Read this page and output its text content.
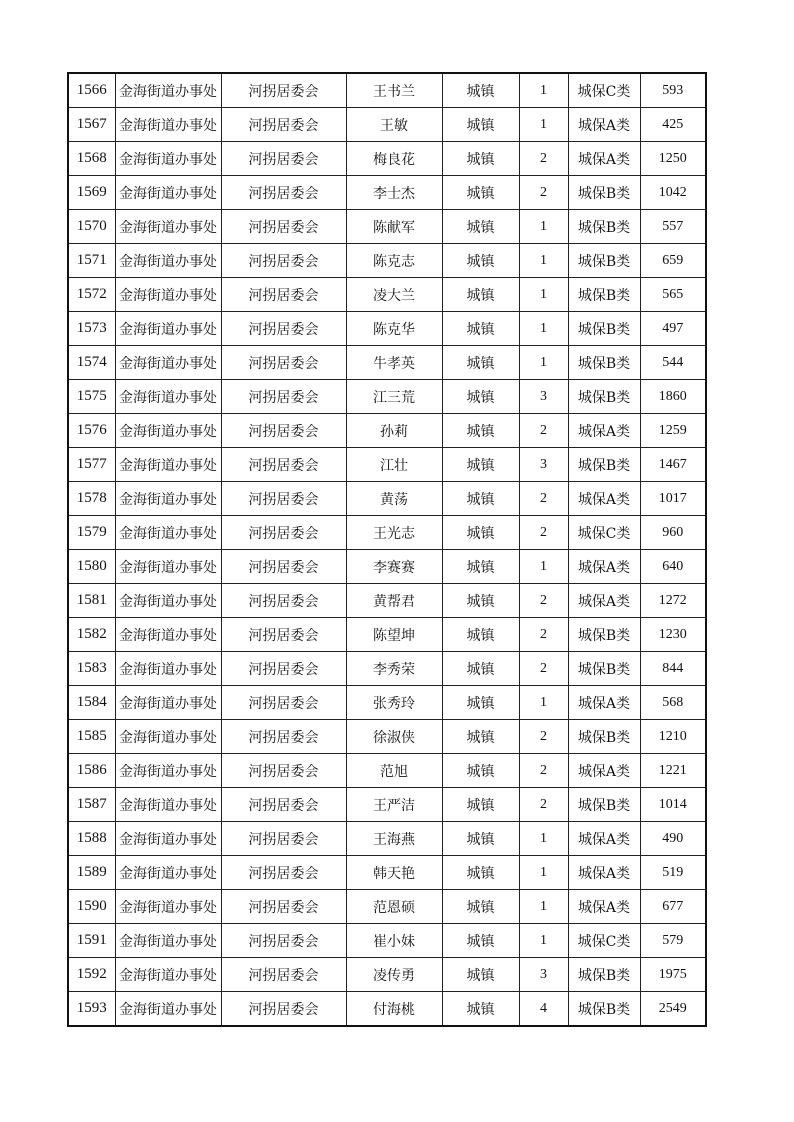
1566	金海街道办事处	河拐居委会	王书兰	城镇	1	城保C类	593
1567	金海街道办事处	河拐居委会	王敏	城镇	1	城保A类	425
1568	金海街道办事处	河拐居委会	梅良花	城镇	2	城保A类	1250
1569	金海街道办事处	河拐居委会	李士杰	城镇	2	城保B类	1042
1570	金海街道办事处	河拐居委会	陈献军	城镇	1	城保B类	557
1571	金海街道办事处	河拐居委会	陈克志	城镇	1	城保B类	659
1572	金海街道办事处	河拐居委会	凌大兰	城镇	1	城保B类	565
1573	金海街道办事处	河拐居委会	陈克华	城镇	1	城保B类	497
1574	金海街道办事处	河拐居委会	牛孝英	城镇	1	城保B类	544
1575	金海街道办事处	河拐居委会	江三荒	城镇	3	城保B类	1860
1576	金海街道办事处	河拐居委会	孙莉	城镇	2	城保A类	1259
1577	金海街道办事处	河拐居委会	江壮	城镇	3	城保B类	1467
1578	金海街道办事处	河拐居委会	黄荡	城镇	2	城保A类	1017
1579	金海街道办事处	河拐居委会	王光志	城镇	2	城保C类	960
1580	金海街道办事处	河拐居委会	李赛赛	城镇	1	城保A类	640
1581	金海街道办事处	河拐居委会	黄帮君	城镇	2	城保A类	1272
1582	金海街道办事处	河拐居委会	陈望坤	城镇	2	城保B类	1230
1583	金海街道办事处	河拐居委会	李秀荣	城镇	2	城保B类	844
1584	金海街道办事处	河拐居委会	张秀玲	城镇	1	城保A类	568
1585	金海街道办事处	河拐居委会	徐淑侠	城镇	2	城保B类	1210
1586	金海街道办事处	河拐居委会	范旭	城镇	2	城保A类	1221
1587	金海街道办事处	河拐居委会	王严洁	城镇	2	城保B类	1014
1588	金海街道办事处	河拐居委会	王海燕	城镇	1	城保A类	490
1589	金海街道办事处	河拐居委会	韩天艳	城镇	1	城保A类	519
1590	金海街道办事处	河拐居委会	范恩硕	城镇	1	城保A类	677
1591	金海街道办事处	河拐居委会	崔小妹	城镇	1	城保C类	579
1592	金海街道办事处	河拐居委会	凌传勇	城镇	3	城保B类	1975
1593	金海街道办事处	河拐居委会	付海桃	城镇	4	城保B类	2549
